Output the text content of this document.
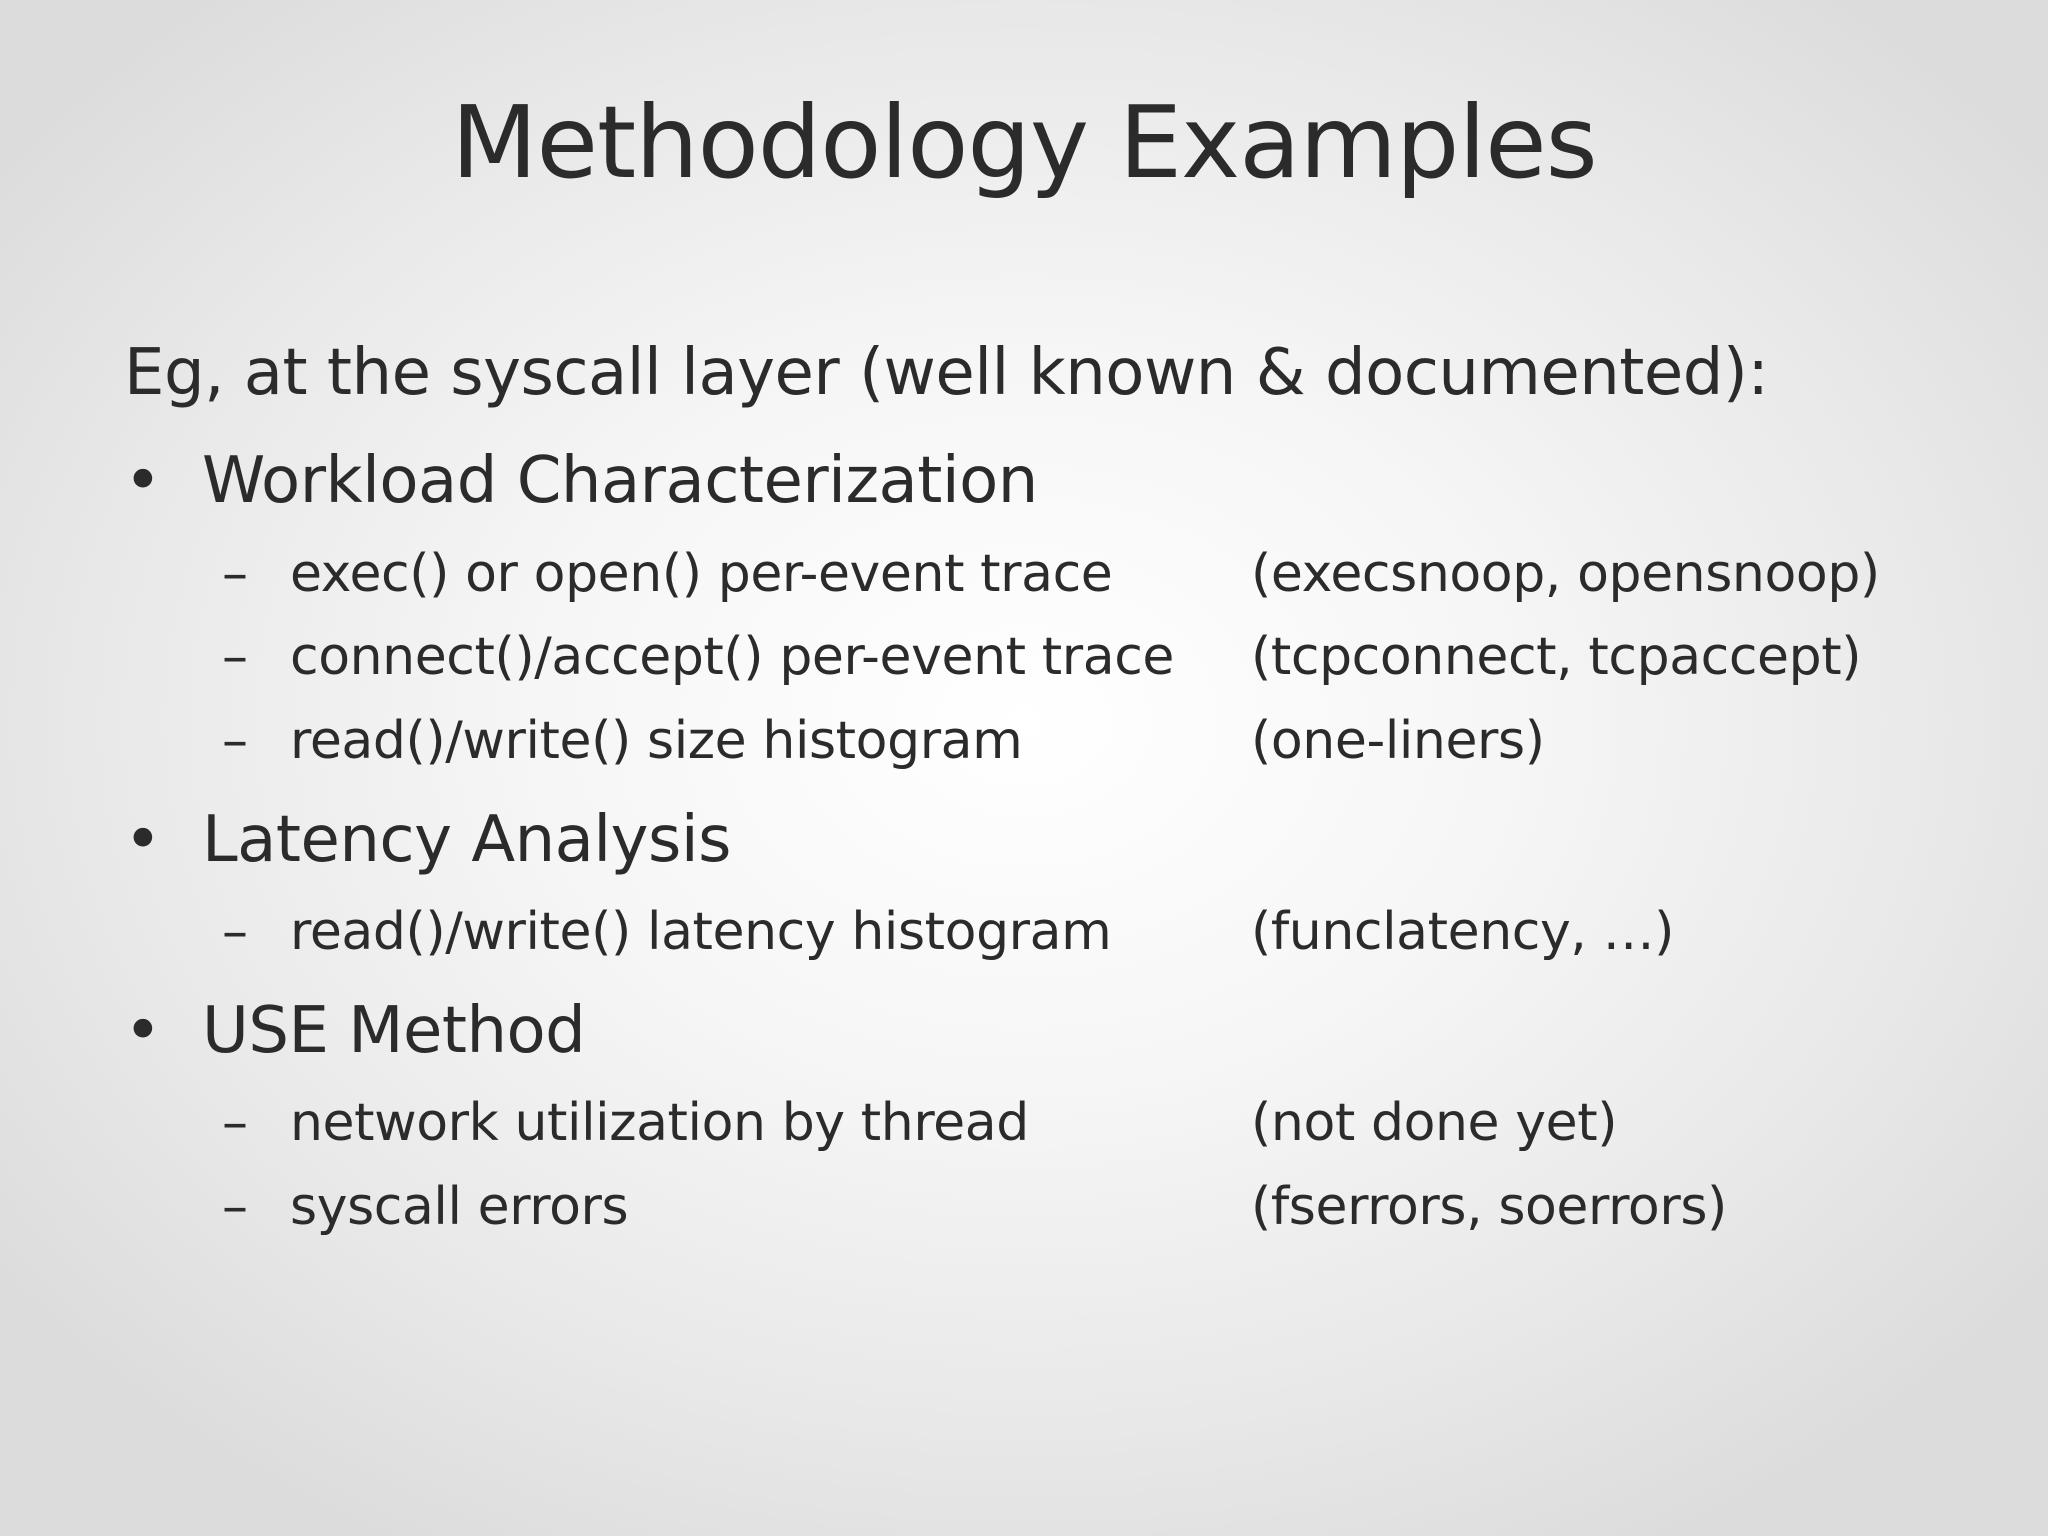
Methodology Examples
Eg, at the syscall layer (well known & documented):
• Workload Characterization
– exec() or open() per-event trace	(execsnoop, opensnoop)
– connect()/accept() per-event trace (tcpconnect, tcpaccept)
– read()/write() size histogram	(one-liners)
• Latency Analysis
– read()/write() latency histogram	(funclatency, …)
• USE Method
– network utilization by thread	(not done yet)
– syscall errors	(fserrors, soerrors)
